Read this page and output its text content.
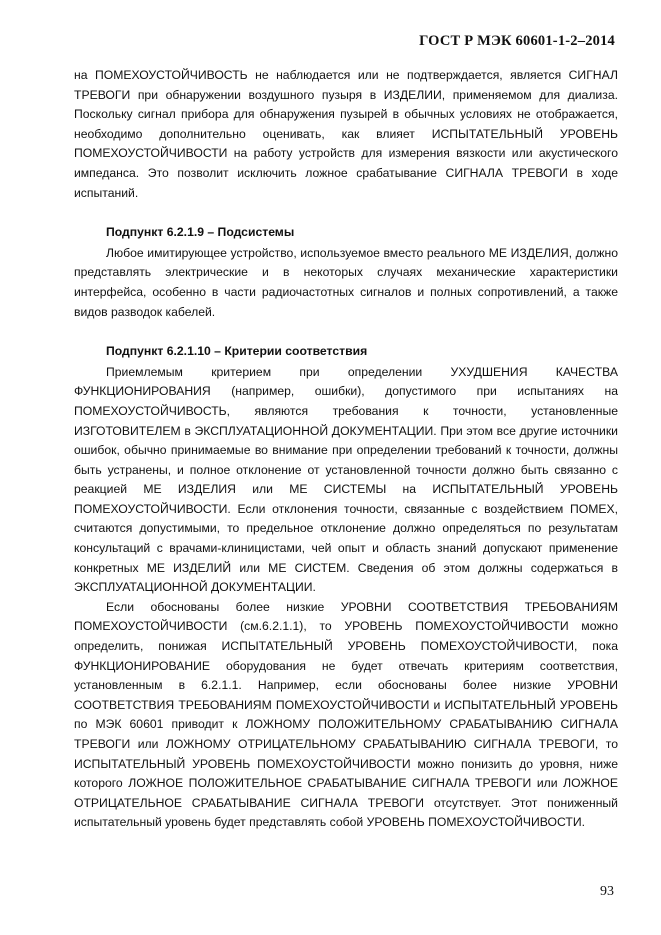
ГОСТ Р МЭК 60601-1-2–2014

на ПОМЕХОУСТОЙЧИВОСТЬ не наблюдается или не подтверждается, является СИГНАЛ ТРЕВОГИ при обнаружении воздушного пузыря в ИЗДЕЛИИ, применяемом для диализа. Поскольку сигнал прибора для обнаружения пузырей в обычных условиях не отображается, необходимо дополнительно оценивать, как влияет ИСПЫТАТЕЛЬНЫЙ УРОВЕНЬ ПОМЕХОУСТОЙЧИВОСТИ на работу устройств для измерения вязкости или акустического импеданса. Это позволит исключить ложное срабатывание СИГНАЛА ТРЕВОГИ в ходе испытаний.

Подпункт 6.2.1.9 – Подсистемы

Любое имитирующее устройство, используемое вместо реального МЕ ИЗДЕЛИЯ, должно представлять электрические и в некоторых случаях механические характеристики интерфейса, особенно в части радиочастотных сигналов и полных сопротивлений, а также видов разводок кабелей.

Подпункт 6.2.1.10 – Критерии соответствия

Приемлемым критерием при определении УХУДШЕНИЯ КАЧЕСТВА ФУНКЦИОНИРОВАНИЯ (например, ошибки), допустимого при испытаниях на ПОМЕХОУСТОЙЧИВОСТЬ, являются требования к точности, установленные ИЗГОТОВИТЕЛЕМ в ЭКСПЛУАТАЦИОННОЙ ДОКУМЕНТАЦИИ. При этом все другие источники ошибок, обычно принимаемые во внимание при определении требований к точности, должны быть устранены, и полное отклонение от установленной точности должно быть связанно с реакцией МЕ ИЗДЕЛИЯ или МЕ СИСТЕМЫ на ИСПЫТАТЕЛЬНЫЙ УРОВЕНЬ ПОМЕХОУСТОЙЧИВОСТИ. Если отклонения точности, связанные с воздействием ПОМЕХ, считаются допустимыми, то предельное отклонение должно определяться по результатам консультаций с врачами-клиницистами, чей опыт и область знаний допускают применение конкретных МЕ ИЗДЕЛИЙ или МЕ СИСТЕМ. Сведения об этом должны содержаться в ЭКСПЛУАТАЦИОННОЙ ДОКУМЕНТАЦИИ.

Если обоснованы более низкие УРОВНИ СООТВЕТСТВИЯ ТРЕБОВАНИЯМ ПОМЕХОУСТОЙЧИВОСТИ (см.6.2.1.1), то УРОВЕНЬ ПОМЕХОУСТОЙЧИВОСТИ можно определить, понижая ИСПЫТАТЕЛЬНЫЙ УРОВЕНЬ ПОМЕХОУСТОЙЧИВОСТИ, пока ФУНКЦИОНИРОВАНИЕ оборудования не будет отвечать критериям соответствия, установленным в 6.2.1.1. Например, если обоснованы более низкие УРОВНИ СООТВЕТСТВИЯ ТРЕБОВАНИЯМ ПОМЕХОУСТОЙЧИВОСТИ и ИСПЫТАТЕЛЬНЫЙ УРОВЕНЬ по МЭК 60601 приводит к ЛОЖНОМУ ПОЛОЖИТЕЛЬНОМУ СРАБАТЫВАНИЮ СИГНАЛА ТРЕВОГИ или ЛОЖНОМУ ОТРИЦАТЕЛЬНОМУ СРАБАТЫВАНИЮ СИГНАЛА ТРЕВОГИ, то ИСПЫТАТЕЛЬНЫЙ УРОВЕНЬ ПОМЕХОУСТОЙЧИВОСТИ можно понизить до уровня, ниже которого ЛОЖНОЕ ПОЛОЖИТЕЛЬНОЕ СРАБАТЫВАНИЕ СИГНАЛА ТРЕВОГИ или ЛОЖНОЕ ОТРИЦАТЕЛЬНОЕ СРАБАТЫВАНИЕ СИГНАЛА ТРЕВОГИ отсутствует. Этот пониженный испытательный уровень будет представлять собой УРОВЕНЬ ПОМЕХОУСТОЙЧИВОСТИ.

93
